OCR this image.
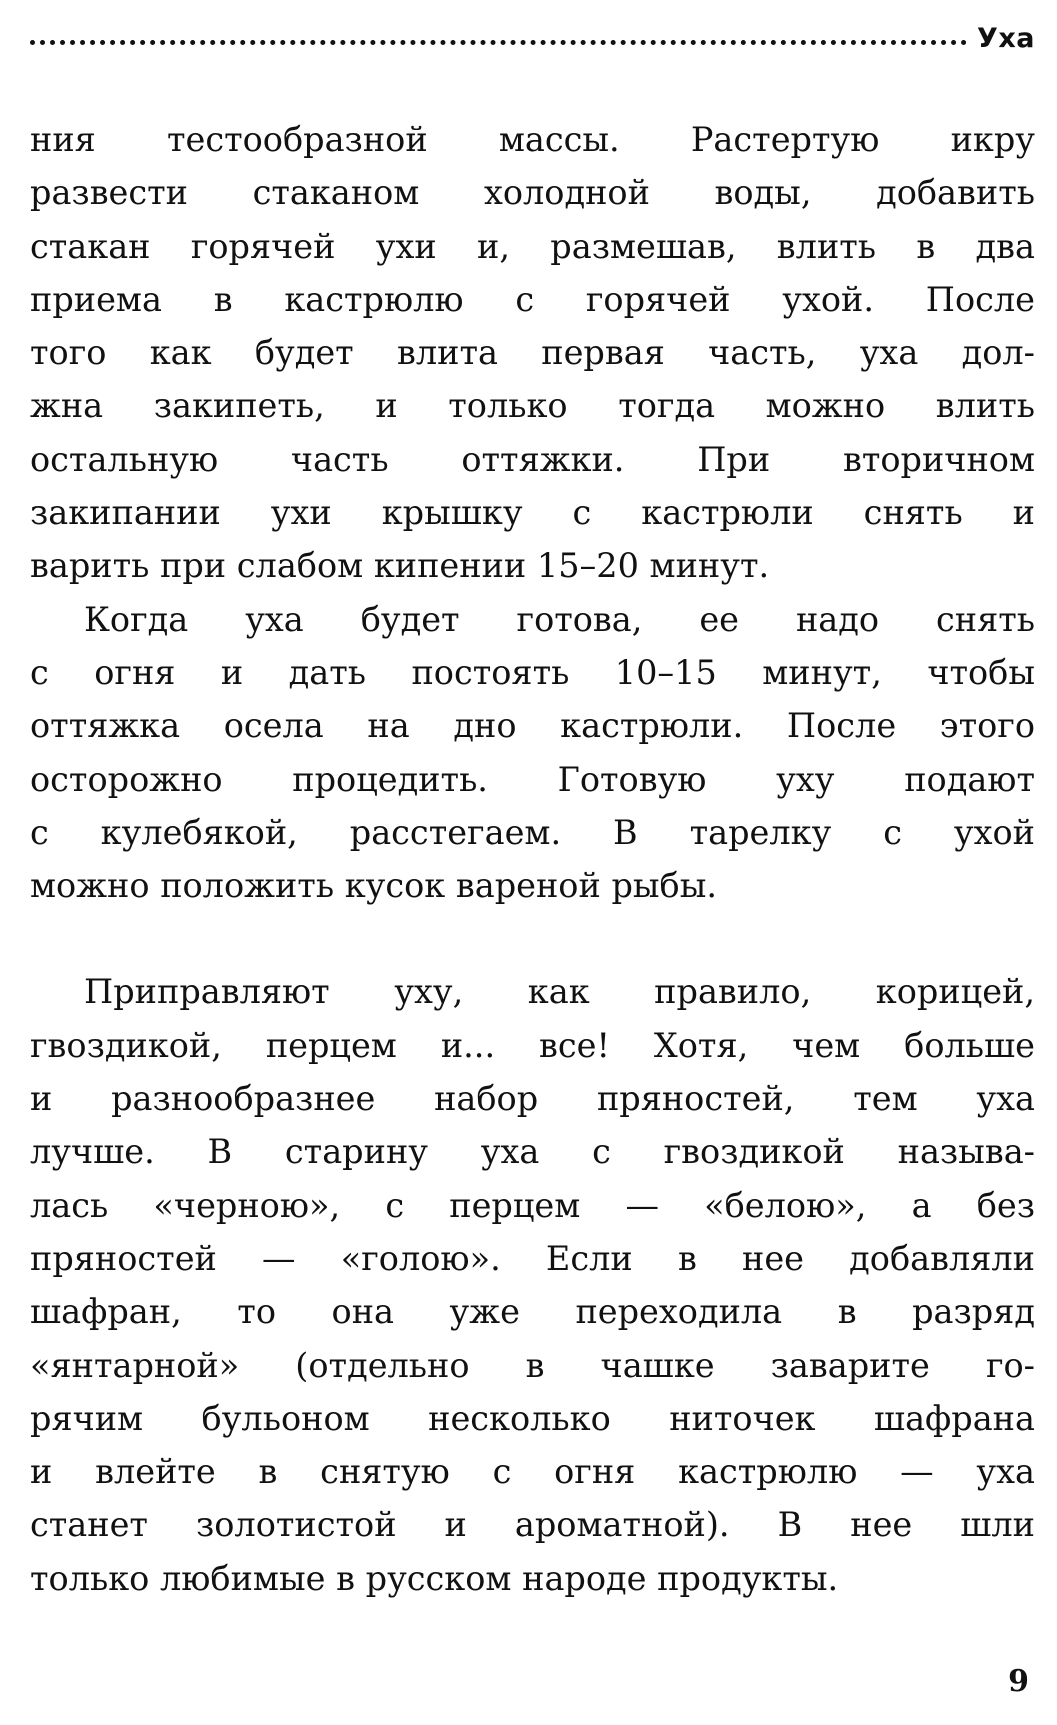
Уха

ния тестообразной массы. Растертую икру
развести стаканом холодной воды, добавить
стакан горячей ухи и, размешав, влить в два
приема в кастрюлю с горячей ухой. После
того как будет влита первая часть, уха дол-
жна закипеть, и только тогда можно влить
остальную часть оттяжки. При вторичном
закипании ухи крышку с кастрюли снять и
варить при слабом кипении 15–20 минут.

Когда уха будет готова, ее надо снять
с огня и дать постоять 10–15 минут, чтобы
оттяжка осела на дно кастрюли. После этого
осторожно процедить. Готовую уху подают
с кулебякой, расстегаем. В тарелку с ухой
можно положить кусок вареной рыбы.

Приправляют уху, как правило, корицей,
гвоздикой, перцем и... все! Хотя, чем больше
и разнообразнее набор пряностей, тем уха
лучше. В старину уха с гвоздикой называ-
лась «черною», с перцем — «белою», а без
пряностей — «голою». Если в нее добавляли
шафран, то она уже переходила в разряд
«янтарной» (отдельно в чашке заварите го-
рячим бульоном несколько ниточек шафрана
и влейте в снятую с огня кастрюлю — уха
станет золотистой и ароматной). В нее шли
только любимые в русском народе продукты.

9
